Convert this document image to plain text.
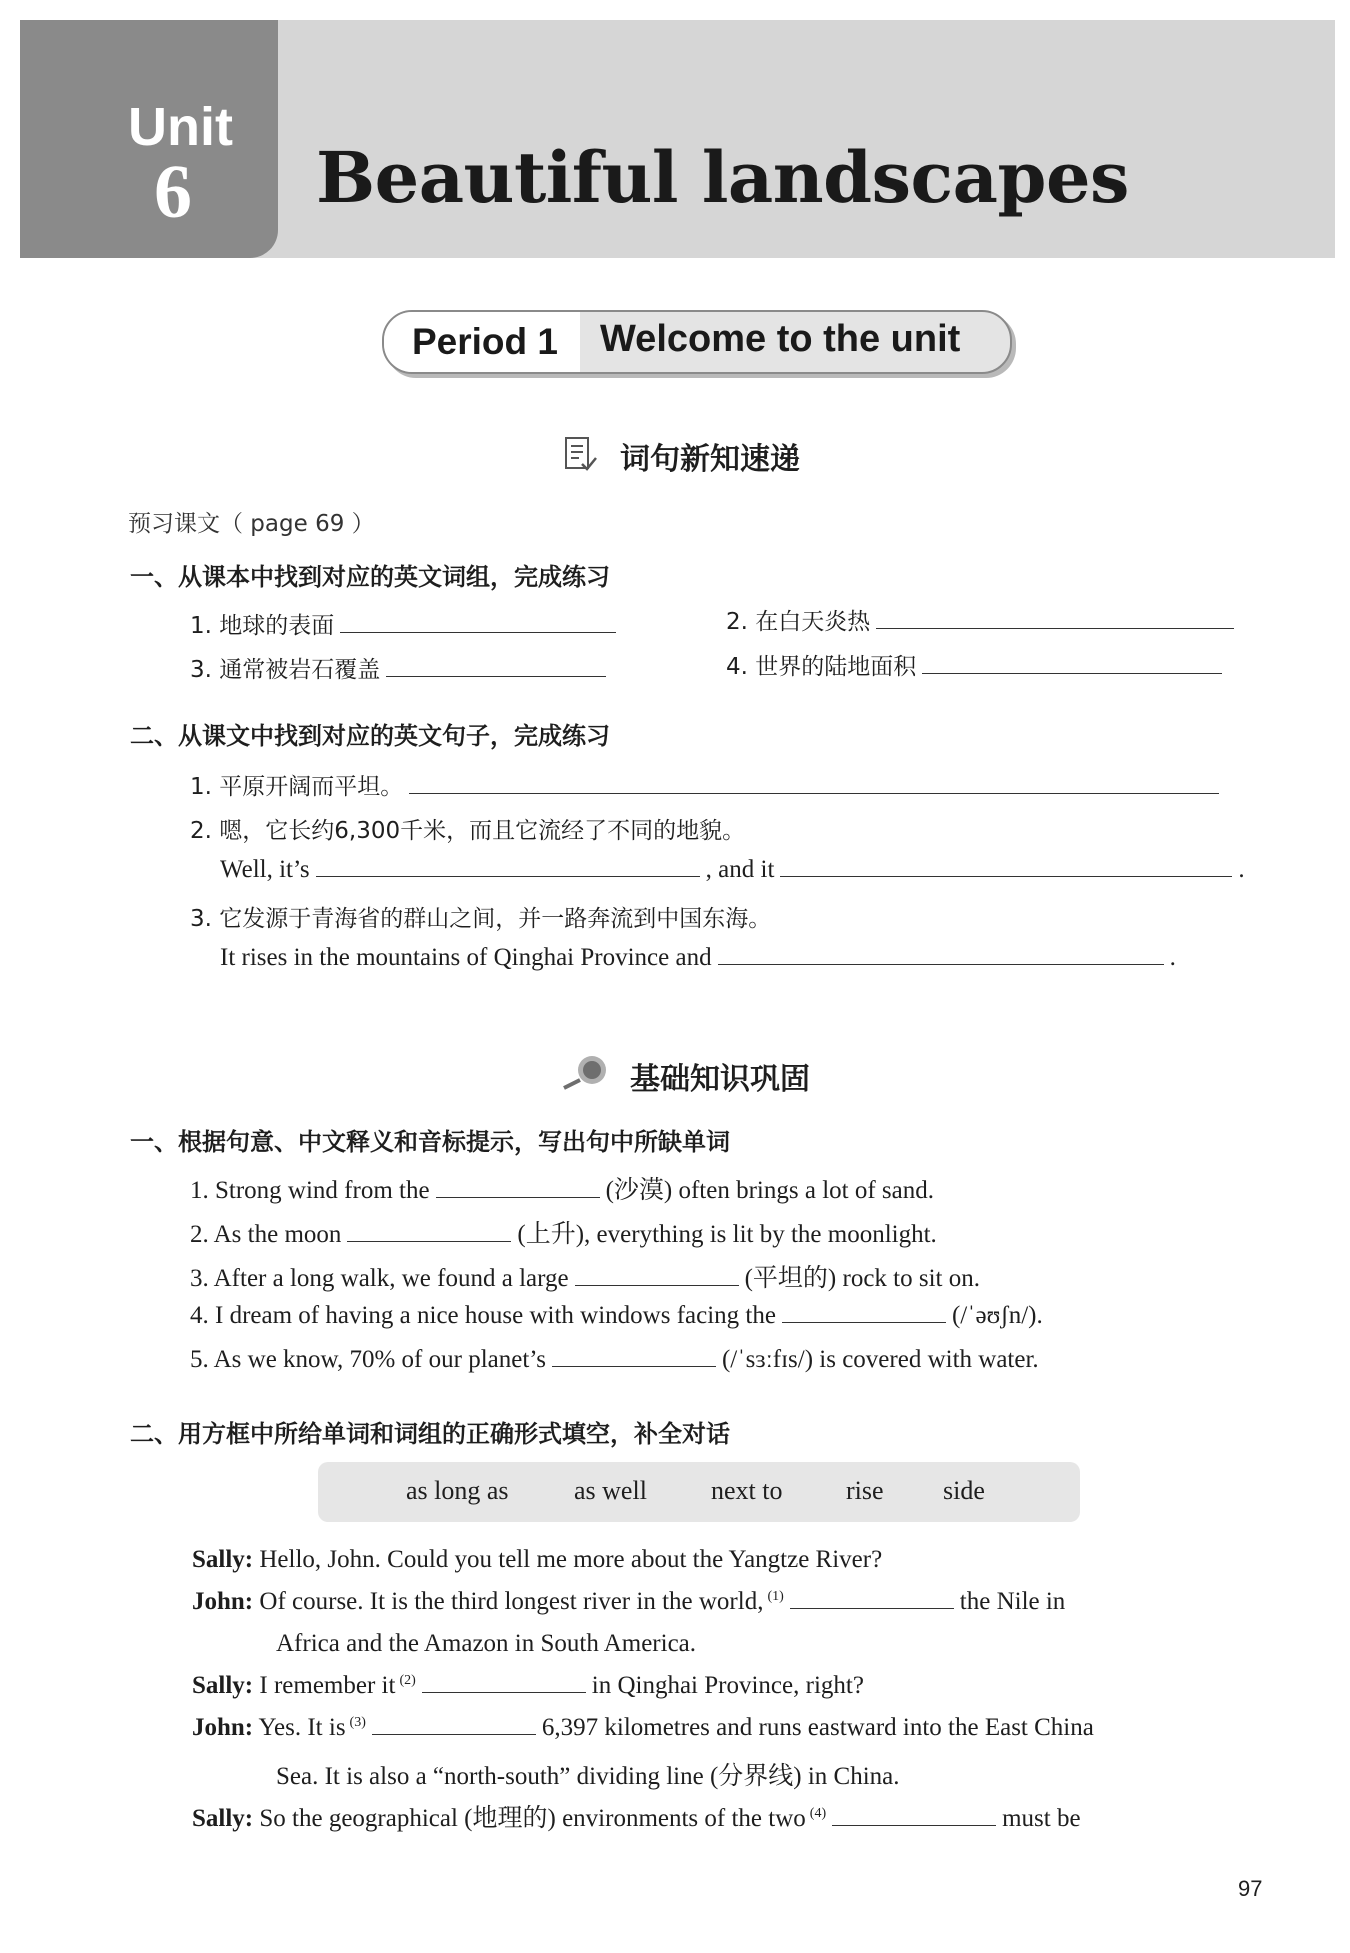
Unit
6 Beautiful landscapes
Period 1 Welcome to the unit
词句新知速递
预习课文（ page 69 ）
一、从课本中找到对应的英文词组，完成练习
1. 地球的表面	2. 在白天炎热
3. 通常被岩石覆盖	4. 世界的陆地面积
二、从课文中找到对应的英文句子，完成练习
1. 平原开阔而平坦。
2. 嗯，它长约6,300千米，而且它流经了不同的地貌。
Well, it’s	, and it	.
3. 它发源于青海省的群山之间，并一路奔流到中国东海。
It rises in the mountains of Qinghai Province and	.
基础知识巩固
一、根据句意、中文释义和音标提示，写出句中所缺单词
1. Strong wind from the	(沙漠) often brings a lot of sand.
2. As the moon	(上升), everything is lit by the moonlight.
3. After a long walk, we found a large	(平坦的) rock to sit on.
4. I dream of having a nice house with windows facing the	(/ˈəʊʃn/).
5. As we know, 70% of our planet’s	(/ˈsɜːfɪs/) is covered with water.
二、用方框中所给单词和词组的正确形式填空，补全对话
as long as	as well next to rise side
Sally: Hello, John. Could you tell me more about the Yangtze River?
John: Of course. It is the third longest river in the world, $^{(1)}$	the Nile in
Africa and the Amazon in South America.
Sally: I remember it $^{(2)}$	in Qinghai Province, right?
John: Yes. It is $^{(3)}$	6,397 kilometres and runs eastward into the East China
Sea. It is also a “north-south” dividing line (分界线) in China.
Sally: So the geographical (地理的) environments of the two $^{(4)}$	must be
97
